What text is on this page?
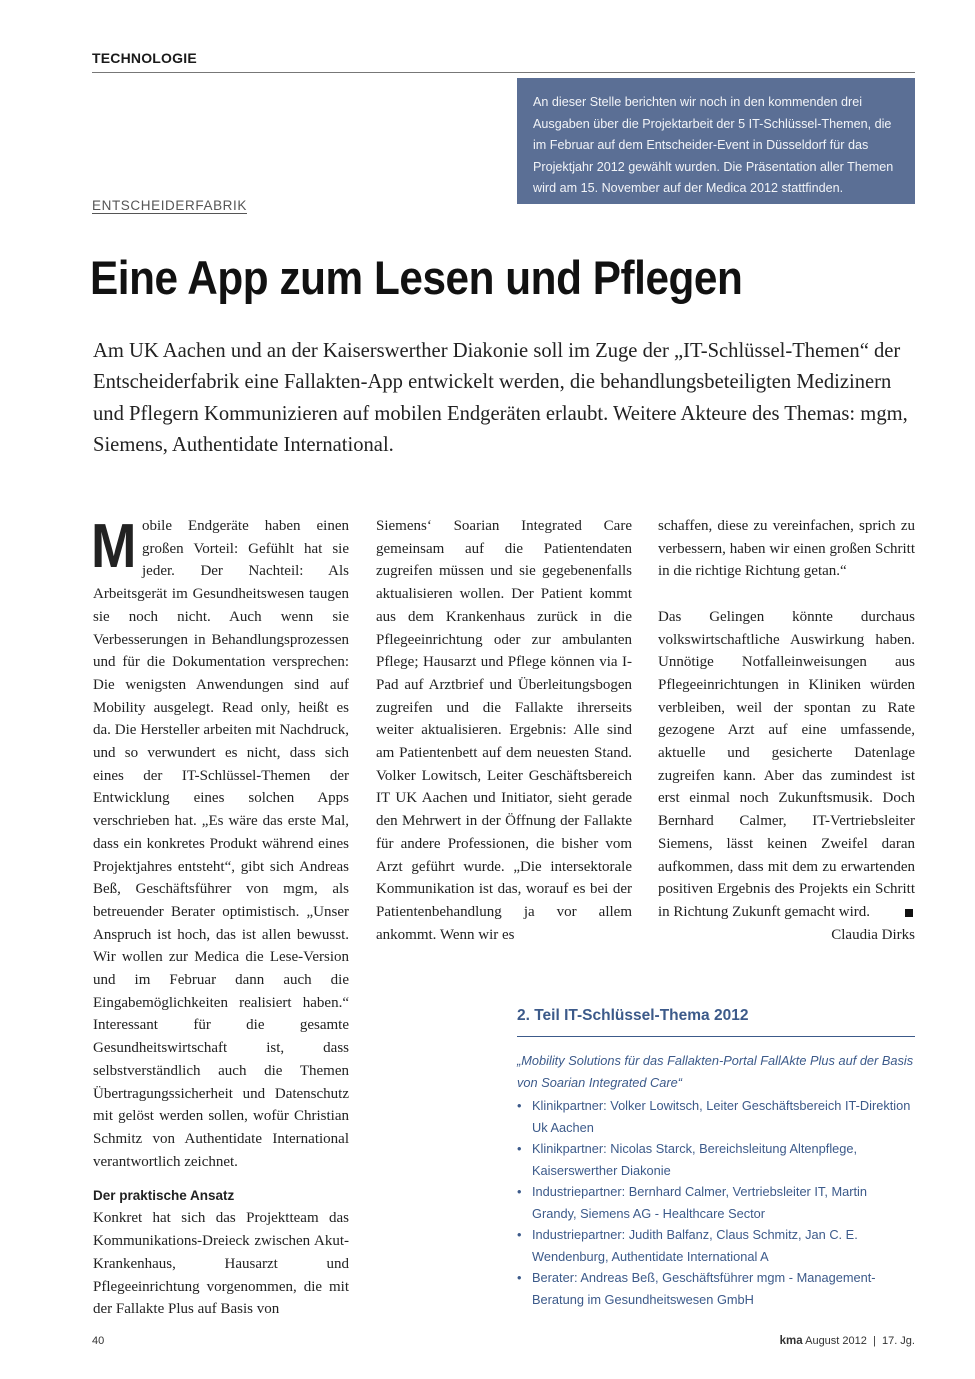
TECHNOLOGIE
An dieser Stelle berichten wir noch in den kommenden drei Ausgaben über die Projektarbeit der 5 IT-Schlüssel-Themen, die im Februar auf dem Entscheider-Event in Düsseldorf für das Projektjahr 2012 gewählt wurden. Die Präsentation aller Themen wird am 15. November auf der Medica 2012 stattfinden.
ENTSCHEIDERFABRIK
Eine App zum Lesen und Pflegen
Am UK Aachen und an der Kaiserswerther Diakonie soll im Zuge der „IT-Schlüssel-Themen“ der Entscheiderfabrik eine Fallakten-App entwickelt werden, die behandlungsbeteiligten Medizinern und Pflegern Kommunizieren auf mobilen Endgeräten erlaubt. Weitere Akteure des Themas: mgm, Siemens, Authentidate International.
M obile Endgeräte haben einen großen Vorteil: Gefühlt hat sie jeder. Der Nachteil: Als Arbeitsgerät im Gesundheitswesen taugen sie noch nicht. Auch wenn sie Verbesserungen in Behandlungsprozessen und für die Dokumentation versprechen: Die wenigsten Anwendungen sind auf Mobility ausgelegt. Read only, heißt es da. Die Hersteller arbeiten mit Nachdruck, und so verwundert es nicht, dass sich eines der IT-Schlüssel-Themen der Entwicklung eines solchen Apps verschrieben hat. „Es wäre das erste Mal, dass ein konkretes Produkt während eines Projektjahres entsteht“, gibt sich Andreas Beß, Geschäftsführer von mgm, als betreuender Berater optimistisch. „Unser Anspruch ist hoch, das ist allen bewusst. Wir wollen zur Medica die Lese-Version und im Februar dann auch die Eingabemöglichkeiten realisiert haben.“ Interessant für die gesamte Gesundheitswirtschaft ist, dass selbstverständlich auch die Themen Übertragungssicherheit und Datenschutz mit gelöst werden sollen, wofür Christian Schmitz von Authentidate International verantwortlich zeichnet.

Der praktische Ansatz

Konkret hat sich das Projektteam das Kommunikations-Dreieck zwischen Akut-Krankenhaus, Hausarzt und Pflegeeinrichtung vorgenommen, die mit der Fallakte Plus auf Basis von

Siemens‘ Soarian Integrated Care gemeinsam auf die Patientendaten zugreifen müssen und sie gegebenenfalls aktualisieren wollen. Der Patient kommt aus dem Krankenhaus zurück in die Pflegeeinrichtung oder zur ambulanten Pflege; Hausarzt und Pflege können via I-Pad auf Arztbrief und Überleitungsbogen zugreifen und die Fallakte ihrerseits weiter aktualisieren. Ergebnis: Alle sind am Patientenbett auf dem neuesten Stand. Volker Lowitsch, Leiter Geschäftsbereich IT UK Aachen und Initiator, sieht gerade den Mehrwert in der Öffnung der Fallakte für andere Professionen, die bisher vom Arzt geführt wurde. „Die intersektorale Kommunikation ist das, worauf es bei der Patientenbehandlung ja vor allem ankommt. Wenn wir es

schaffen, diese zu vereinfachen, sprich zu verbessern, haben wir einen großen Schritt in die richtige Richtung getan.“

Das Gelingen könnte durchaus volkswirtschaftliche Auswirkung haben. Unnötige Notfalleinweisungen aus Pflegeeinrichtungen in Kliniken würden verbleiben, weil der spontan zu Rate gezogene Arzt auf eine umfassende, aktuelle und gesicherte Datenlage zugreifen kann. Aber das zumindest ist erst einmal noch Zukunftsmusik. Doch Bernhard Calmer, IT-Vertriebsleiter Siemens, lässt keinen Zweifel daran aufkommen, dass mit dem zu erwartenden positiven Ergebnis des Projekts ein Schritt in Richtung Zukunft gemacht wird.

Claudia Dirks

2. Teil IT-Schlüssel-Thema 2012
„Mobility Solutions für das Fallakten-Portal FallAkte Plus auf der Basis von Soarian Integrated Care“
• Klinikpartner: Volker Lowitsch, Leiter Geschäftsbereich IT-Direktion Uk Aachen
• Klinikpartner: Nicolas Starck, Bereichsleitung Altenpflege, Kaiserswerther Diakonie
• Industriepartner: Bernhard Calmer, Vertriebsleiter IT, Martin Grandy, Siemens AG - Healthcare Sector
• Industriepartner: Judith Balfanz, Claus Schmitz, Jan C. E. Wendenburg, Authentidate International A
• Berater: Andreas Beß, Geschäftsführer mgm - Management-Beratung im Gesundheitswesen GmbH
40	kma August 2012  |  17. Jg.
